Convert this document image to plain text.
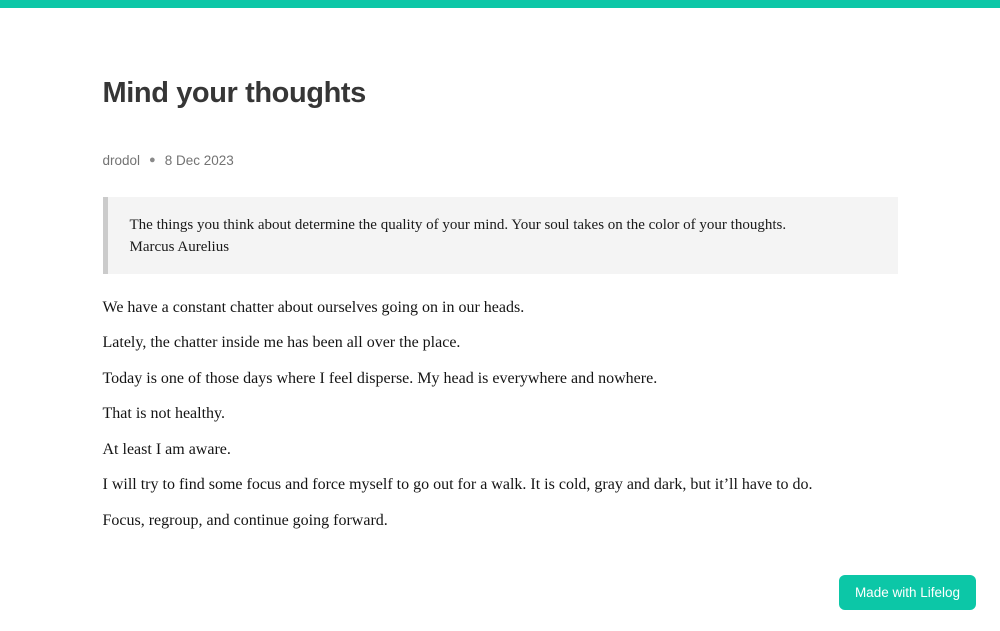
Mind your thoughts
drodol ● 8 Dec 2023
The things you think about determine the quality of your mind. Your soul takes on the color of your thoughts.
Marcus Aurelius

We have a constant chatter about ourselves going on in our heads.

Lately, the chatter inside me has been all over the place.

Today is one of those days where I feel disperse. My head is everywhere and nowhere.

That is not healthy.

At least I am aware.

I will try to find some focus and force myself to go out for a walk. It is cold, gray and dark, but it’ll have to do.

Focus, regroup, and continue going forward.

Made with Lifelog
